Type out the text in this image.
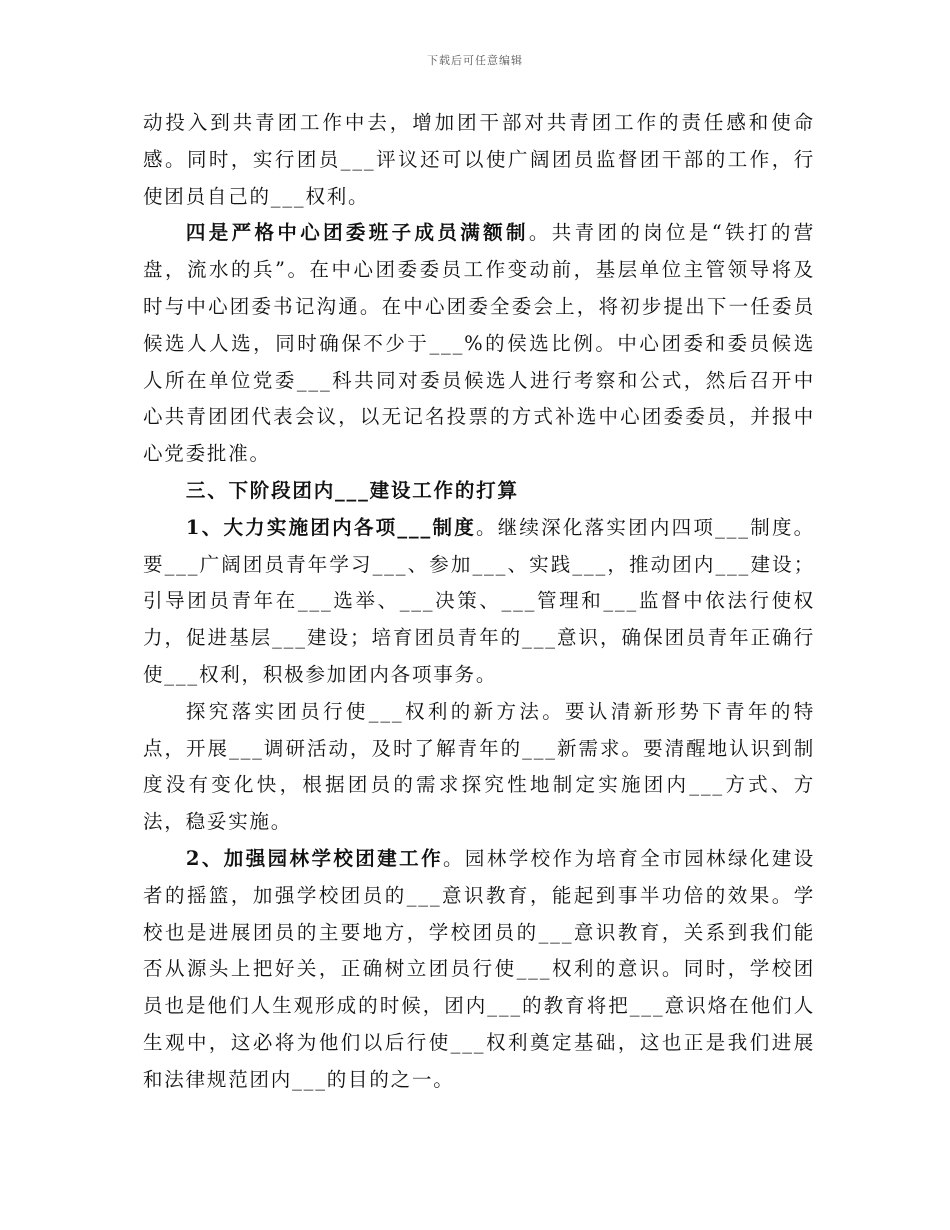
下载后可任意编辑

动投入到共青团工作中去，增加团干部对共青团工作的责任感和使命感。同时，实行团员___评议还可以使广阔团员监督团干部的工作，行使团员自己的___权利。

四是严格中心团委班子成员满额制。共青团的岗位是“铁打的营盘，流水的兵”。在中心团委委员工作变动前，基层单位主管领导将及时与中心团委书记沟通。在中心团委全委会上，将初步提出下一任委员候选人人选，同时确保不少于___%的侯选比例。中心团委和委员候选人所在单位党委___科共同对委员候选人进行考察和公式，然后召开中心共青团团代表会议，以无记名投票的方式补选中心团委委员，并报中心党委批准。

三、下阶段团内___建设工作的打算

1、大力实施团内各项___制度。继续深化落实团内四项___制度。要___广阔团员青年学习___、参加___、实践___，推动团内___建设；引导团员青年在___选举、___决策、___管理和___监督中依法行使权力，促进基层___建设；培育团员青年的___意识，确保团员青年正确行使___权利，积极参加团内各项事务。

探究落实团员行使___权利的新方法。要认清新形势下青年的特点，开展___调研活动，及时了解青年的___新需求。要清醒地认识到制度没有变化快，根据团员的需求探究性地制定实施团内___方式、方法，稳妥实施。

2、加强园林学校团建工作。园林学校作为培育全市园林绿化建设者的摇篮，加强学校团员的___意识教育，能起到事半功倍的效果。学校也是进展团员的主要地方，学校团员的___意识教育，关系到我们能否从源头上把好关，正确树立团员行使___权利的意识。同时，学校团员也是他们人生观形成的时候，团内___的教育将把___意识烙在他们人生观中，这必将为他们以后行使___权利奠定基础，这也正是我们进展和法律规范团内___的目的之一。
